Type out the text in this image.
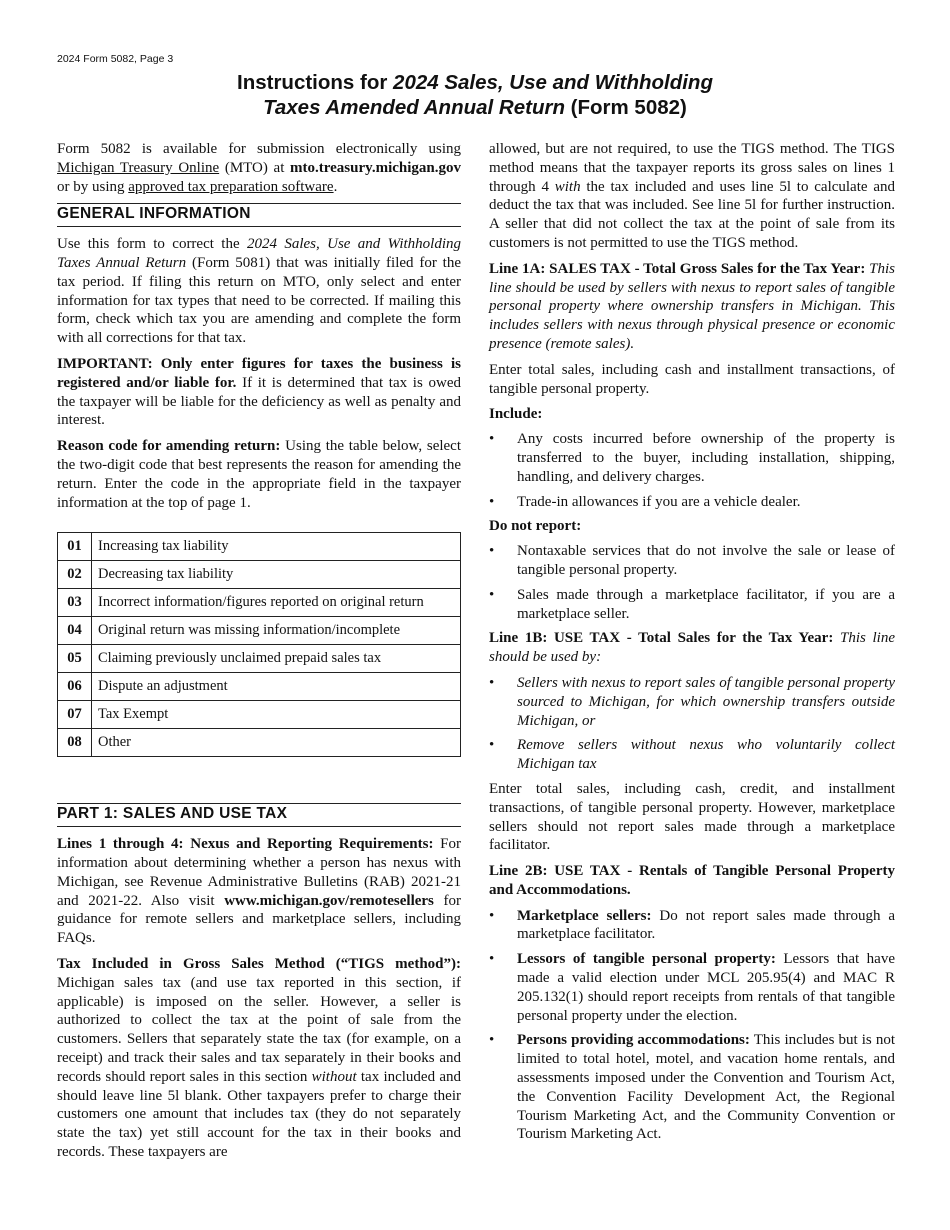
2024 Form 5082, Page 3
Instructions for 2024 Sales, Use and Withholding
Taxes Amended Annual Return (Form 5082)

Form 5082 is available for submission electronically using Michigan Treasury Online (MTO) at mto.treasury.michigan.gov or by using approved tax preparation software.

GENERAL INFORMATION

Use this form to correct the 2024 Sales, Use and Withholding Taxes Annual Return (Form 5081) that was initially filed for the tax period. If filing this return on MTO, only select and enter information for tax types that need to be corrected. If mailing this form, check which tax you are amending and complete the form with all corrections for that tax.

IMPORTANT: Only enter figures for taxes the business is registered and/or liable for. If it is determined that tax is owed the taxpayer will be liable for the deficiency as well as penalty and interest.

Reason code for amending return: Using the table below, select the two-digit code that best represents the reason for amending the return. Enter the code in the appropriate field in the taxpayer information at the top of page 1.

01	Increasing tax liability
02	Decreasing tax liability
03	Incorrect information/figures reported on original return
04	Original return was missing information/incomplete
05	Claiming previously unclaimed prepaid sales tax
06	Dispute an adjustment
07	Tax Exempt
08	Other
PART 1: SALES AND USE TAX

Lines 1 through 4: Nexus and Reporting Requirements: For information about determining whether a person has nexus with Michigan, see Revenue Administrative Bulletins (RAB) 2021-21 and 2021-22. Also visit www.michigan.gov/remotesellers for guidance for remote sellers and marketplace sellers, including FAQs.

Tax Included in Gross Sales Method (“TIGS method”): Michigan sales tax (and use tax reported in this section, if applicable) is imposed on the seller. However, a seller is authorized to collect the tax at the point of sale from the customers. Sellers that separately state the tax (for example, on a receipt) and track their sales and tax separately in their books and records should report sales in this section without tax included and should leave line 5l blank. Other taxpayers prefer to charge their customers one amount that includes tax (they do not separately state the tax) yet still account for the tax in their books and records. These taxpayers are

allowed, but are not required, to use the TIGS method. The TIGS method means that the taxpayer reports its gross sales on lines 1 through 4 with the tax included and uses line 5l to calculate and deduct the tax that was included. See line 5l for further instruction. A seller that did not collect the tax at the point of sale from its customers is not permitted to use the TIGS method.

Line 1A: SALES TAX - Total Gross Sales for the Tax Year: This line should be used by sellers with nexus to report sales of tangible personal property where ownership transfers in Michigan. This includes sellers with nexus through physical presence or economic presence (remote sales).

Enter total sales, including cash and installment transactions, of tangible personal property.

Include:
• Any costs incurred before ownership of the property is transferred to the buyer, including installation, shipping, handling, and delivery charges.
• Trade-in allowances if you are a vehicle dealer.
Do not report:
• Nontaxable services that do not involve the sale or lease of tangible personal property.
• Sales made through a marketplace facilitator, if you are a marketplace seller.

Line 1B: USE TAX - Total Sales for the Tax Year: This line should be used by:

• Sellers with nexus to report sales of tangible personal property sourced to Michigan, for which ownership transfers outside Michigan, or
• Remove sellers without nexus who voluntarily collect Michigan tax

Enter total sales, including cash, credit, and installment transactions, of tangible personal property. However, marketplace sellers should not report sales made through a marketplace facilitator.

Line 2B: USE TAX - Rentals of Tangible Personal Property and Accommodations.

• Marketplace sellers: Do not report sales made through a marketplace facilitator.
• Lessors of tangible personal property: Lessors that have made a valid election under MCL 205.95(4) and MAC R 205.132(1) should report receipts from rentals of that tangible personal property under the election.
• Persons providing accommodations: This includes but is not limited to total hotel, motel, and vacation home rentals, and assessments imposed under the Convention and Tourism Act, the Convention Facility Development Act, the Regional Tourism Marketing Act, and the Community Convention or Tourism Marketing Act.
